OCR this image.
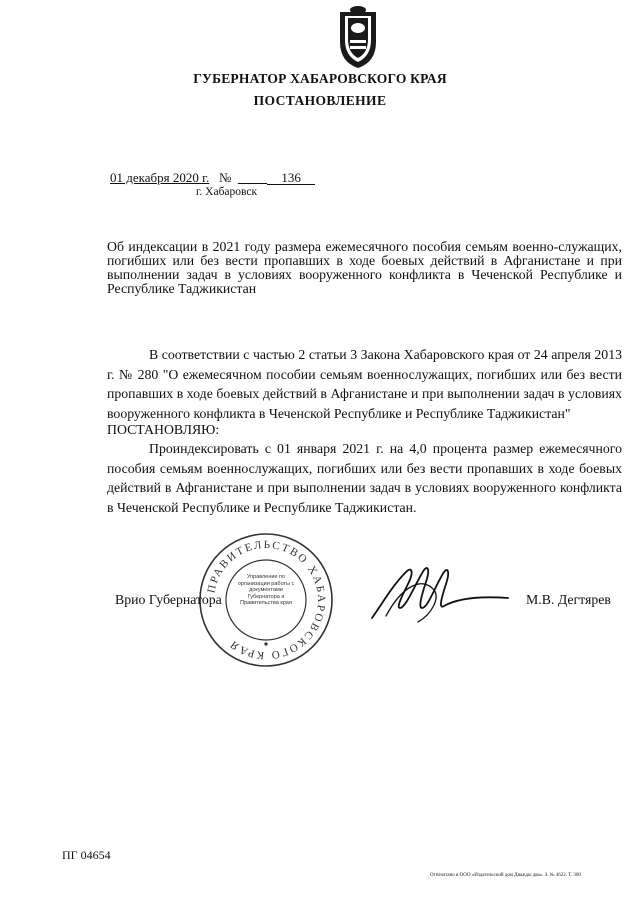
ГУБЕРНАТОР ХАБАРОВСКОГО КРАЯ
ПОСТАНОВЛЕНИЕ
01 декабря 2020 г. №	136
г. Хабаровск
Об индексации в 2021 году размера ежемесячного пособия семьям военно-служащих, погибших или без вести пропавших в ходе боевых действий в Афганистане и при выполнении задач в условиях вооруженного конфликта в Чеченской Республике и Республике Таджикистан
В соответствии с частью 2 статьи 3 Закона Хабаровского края от 24 апреля 2013 г. № 280 "О ежемесячном пособии семьям военнослужащих, погибших или без вести пропавших в ходе боевых действий в Афганистане и при выполнении задач в условиях вооруженного конфликта в Чеченской Республике и Республике Таджикистан"
ПОСТАНОВЛЯЮ:
Проиндексировать с 01 января 2021 г. на 4,0 процента размер ежемесячного пособия семьям военнослужащих, погибших или без вести пропавших в ходе боевых действий в Афганистане и при выполнении задач в условиях вооруженного конфликта в Чеченской Республике и Республике Таджикистан.
ПРАВИТЕЛЬСТВО ХАБАРОВСКОГО КРАЯ
Управление по организации работы с документами Губернатора и Правительства края
Врио Губернатора	М.В. Дегтярев
ПГ 04654
Отпечатано в ООО «Издательский дом Дважды два». З. № 4622. Т. 300
